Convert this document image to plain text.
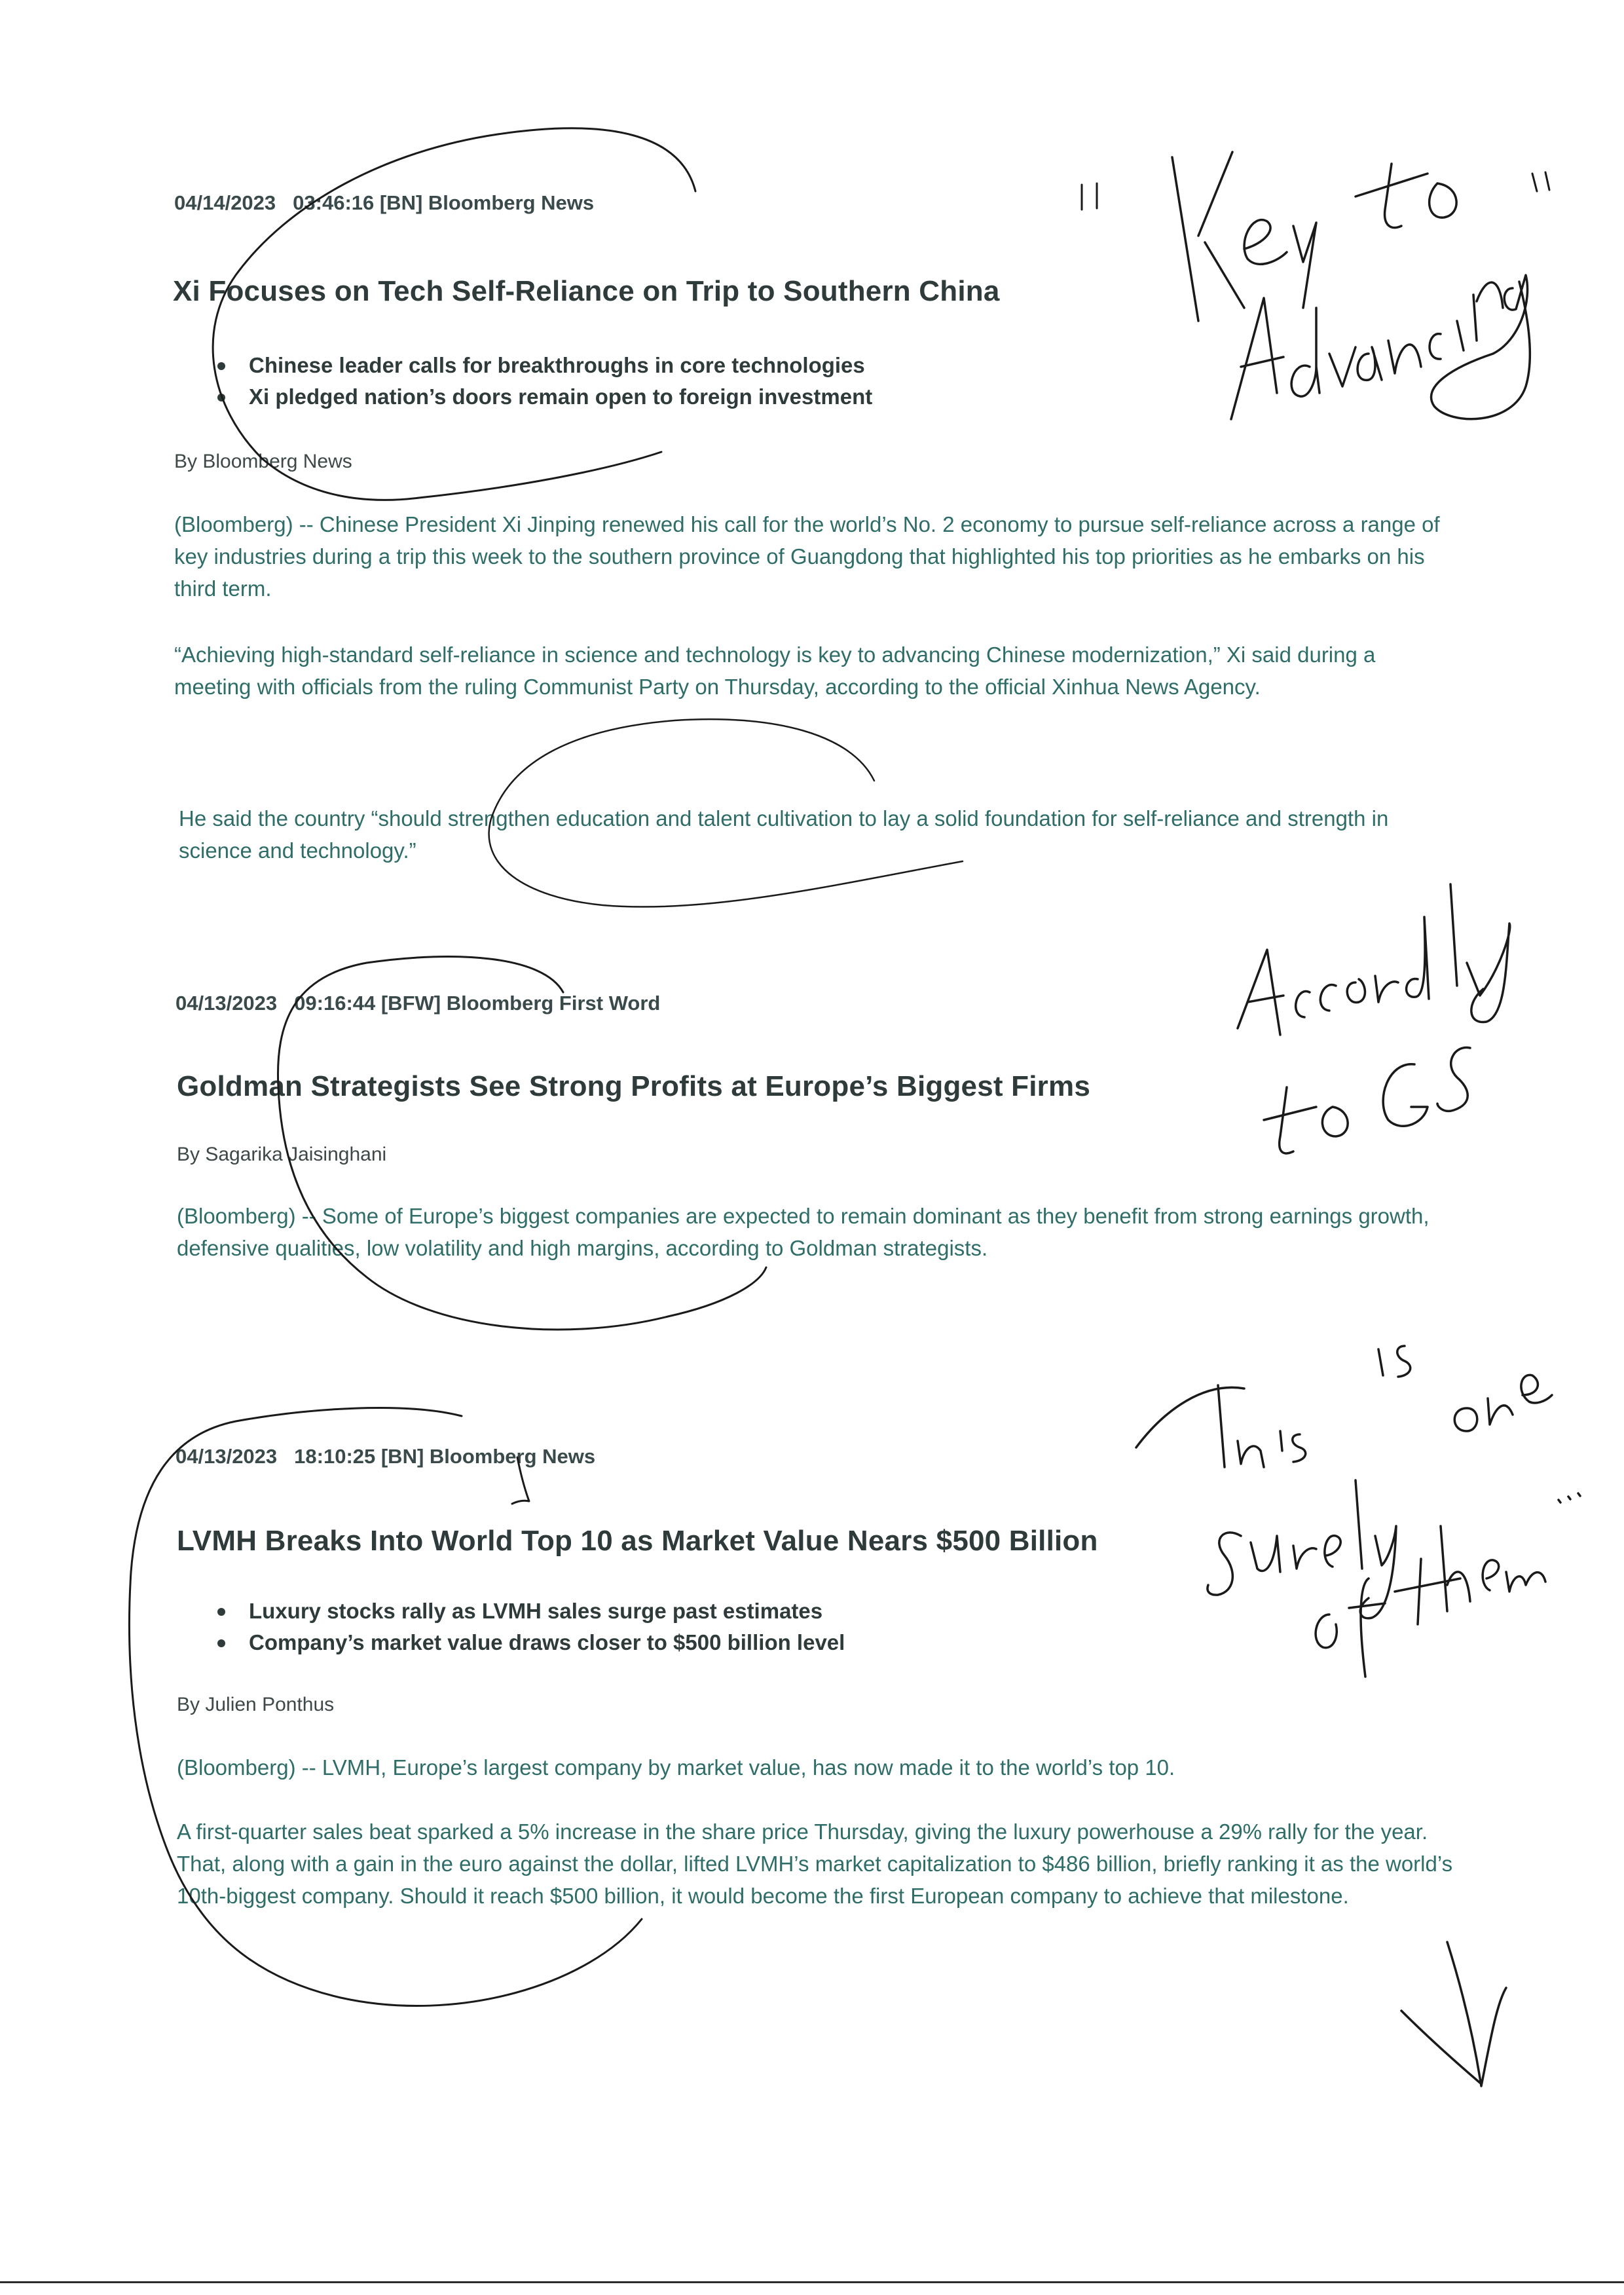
04/14/2023 03:46:16 [BN] Bloomberg News
Xi Focuses on Tech Self-Reliance on Trip to Southern China
Chinese leader calls for breakthroughs in core technologies
Xi pledged nation’s doors remain open to foreign investment
By Bloomberg News

(Bloomberg) -- Chinese President Xi Jinping renewed his call for the world’s No. 2 economy to pursue self-reliance across a range of key industries during a trip this week to the southern province of Guangdong that highlighted his top priorities as he embarks on his third term.

“Achieving high-standard self-reliance in science and technology is key to advancing Chinese modernization,” Xi said during a meeting with officials from the ruling Communist Party on Thursday, according to the official Xinhua News Agency.

He said the country “should strengthen education and talent cultivation to lay a solid foundation for self-reliance and strength in science and technology.”

04/13/2023 09:16:44 [BFW] Bloomberg First Word
Goldman Strategists See Strong Profits at Europe’s Biggest Firms
By Sagarika Jaisinghani

(Bloomberg) -- Some of Europe’s biggest companies are expected to remain dominant as they benefit from strong earnings growth, defensive qualities, low volatility and high margins, according to Goldman strategists.

04/13/2023 18:10:25 [BN] Bloomberg News
LVMH Breaks Into World Top 10 as Market Value Nears $500 Billion
Luxury stocks rally as LVMH sales surge past estimates
Company’s market value draws closer to $500 billion level
By Julien Ponthus

(Bloomberg) -- LVMH, Europe’s largest company by market value, has now made it to the world’s top 10.

A first-quarter sales beat sparked a 5% increase in the share price Thursday, giving the luxury powerhouse a 29% rally for the year. That, along with a gain in the euro against the dollar, lifted LVMH’s market capitalization to $486 billion, briefly ranking it as the world’s 10th-biggest company. Should it reach $500 billion, it would become the first European company to achieve that milestone.
